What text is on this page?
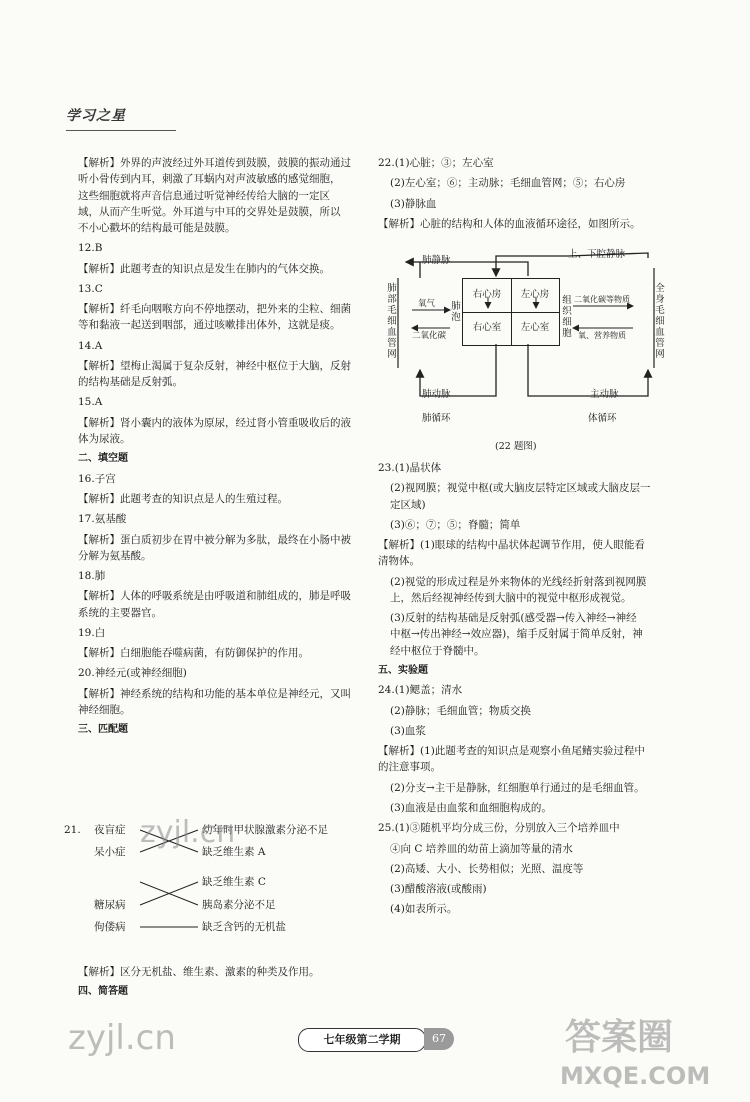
学习之星
【解析】外界的声波经过外耳道传到鼓膜，鼓膜的振动通过
听小骨传到内耳，刺激了耳蜗内对声波敏感的感觉细胞，
这些细胞就将声音信息通过听觉神经传给大脑的一定区
域，从而产生听觉。外耳道与中耳的交界处是鼓膜，所以
不小心戳坏的结构最可能是鼓膜。
12.B
【解析】此题考查的知识点是发生在肺内的气体交换。
13.C
【解析】纤毛向咽喉方向不停地摆动，把外来的尘粒、细菌
等和黏液一起送到咽部，通过咳嗽排出体外，这就是痰。
14.A
【解析】望梅止渴属于复杂反射，神经中枢位于大脑，反射
的结构基础是反射弧。
15.A
【解析】肾小囊内的液体为原尿，经过肾小管重吸收后的液
体为尿液。
二、填空题
16.子宫
【解析】此题考查的知识点是人的生殖过程。
17.氨基酸
【解析】蛋白质初步在胃中被分解为多肽，最终在小肠中被
分解为氨基酸。
18.肺
【解析】人体的呼吸系统是由呼吸道和肺组成的，肺是呼吸
系统的主要器官。
19.白
【解析】白细胞能吞噬病菌，有防御保护的作用。
20.神经元(或神经细胞)
【解析】神经系统的结构和功能的基本单位是神经元，又叫
神经细胞。
三、匹配题
21. 夜盲症
呆小症
糖尿病
佝偻病
幼年时甲状腺激素分泌不足
缺乏维生素 A
缺乏维生素 C
胰岛素分泌不足
缺乏含钙的无机盐
【解析】区分无机盐、维生素、激素的种类及作用。
四、简答题
22.(1)心脏；③；左心室
(2)左心室；⑥；主动脉；毛细血管网；⑤；右心房
(3)静脉血
【解析】心脏的结构和人体的血液循环途径，如图所示。
上、下腔静脉
肺静脉
肺部毛细血管网
全身毛细血管网
肺泡
组织细胞
氧气
二氧化碳
二氧化碳等物质
氧、营养物质
右心房	左心房
右心室	左心室
肺动脉	主动脉
肺循环	体循环
(22 题图)
23.(1)晶状体
(2)视网膜；视觉中枢(或大脑皮层特定区域或大脑皮层一
定区域)
(3)⑥；⑦；⑤；脊髓；简单
【解析】(1)眼球的结构中晶状体起调节作用，使人眼能看
清物体。
(2)视觉的形成过程是外来物体的光线经折射落到视网膜
上，然后经视神经传到大脑中的视觉中枢形成视觉。
(3)反射的结构基础是反射弧(感受器→传入神经→神经
中枢→传出神经→效应器)，缩手反射属于简单反射，神
经中枢位于脊髓中。
五、实验题
24.(1)鳃盖；清水
(2)静脉；毛细血管；物质交换
(3)血浆
【解析】(1)此题考查的知识点是观察小鱼尾鳍实验过程中
的注意事项。
(2)分支→主干是静脉，红细胞单行通过的是毛细血管。
(3)血液是由血浆和血细胞构成的。
25.(1)③随机平均分成三份，分别放入三个培养皿中
④向 C 培养皿的幼苗上滴加等量的清水
(2)高矮、大小、长势相似；光照、温度等
(3)醋酸溶液(或酸雨)
(4)如表所示。
七年级第二学期	67
zyjl.cn
zyjl.cn	答案圈
MXQE.COM
